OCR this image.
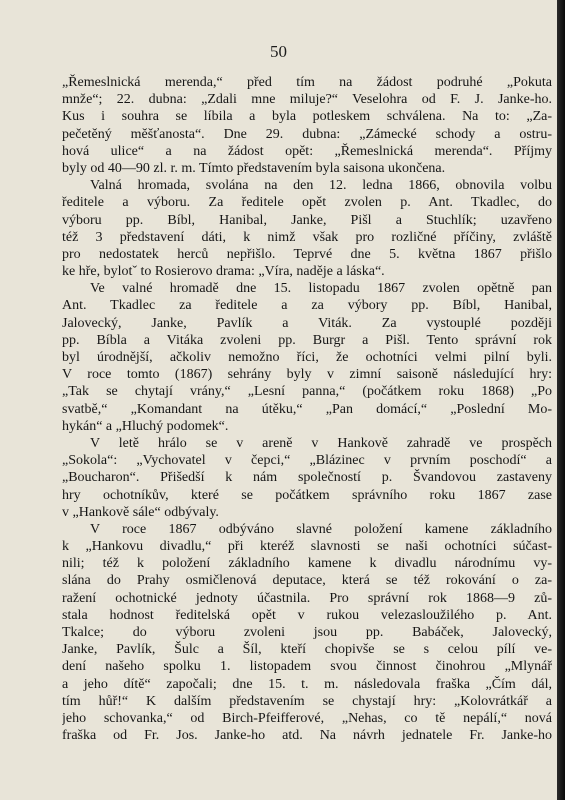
50
„Řemeslnická merenda,“ před tím na žádost podruhé „Pokuta
mnže“; 22. dubna: „Zdali mne miluje?“ Veselohra od F. J. Janke-ho.
Kus i souhra se líbila a byla potleskem schválena. Na to: „Za-
pečetěný měšťanosta“. Dne 29. dubna: „Zámecké schody a ostru-
hová ulice“ a na žádost opět: „Řemeslnická merenda“. Příjmy
byly od 40—90 zl. r. m. Tímto představením byla saisona ukončena.
Valná hromada, svolána na den 12. ledna 1866, obnovila volbu
ředitele a výboru. Za ředitele opět zvolen p. Ant. Tkadlec, do
výboru pp. Bíbl, Hanibal, Janke, Pišl a Stuchlík; uzavřeno
též 3 představení dáti, k nimž však pro rozličné příčiny, zvláště
pro nedostatek herců nepřišlo. Teprvé dne 5. května 1867 přišlo
ke hře, bylotˇ to Rosierovo drama: „Víra, naděje a láska“.
Ve valné hromadě dne 15. listopadu 1867 zvolen opětně pan
Ant. Tkadlec za ředitele a za výbory pp. Bíbl, Hanibal,
Jalovecký, Janke, Pavlík a Viták. Za vystouplé později
pp. Bíbla a Vitáka zvoleni pp. Burgr a Pišl. Tento správní rok
byl úrodnější, ačkoliv nemožno říci, že ochotníci velmi pilní byli.
V roce tomto (1867) sehrány byly v zimní saisoně následující hry:
„Tak se chytají vrány,“ „Lesní panna,“ (počátkem roku 1868) „Po
svatbě,“ „Komandant na útěku,“ „Pan domácí,“ „Poslední Mo-
hykán“ a „Hluchý podomek“.
V letě hrálo se v areně v Hankově zahradě ve prospěch
„Sokola“: „Vychovatel v čepci,“ „Blázinec v prvním poschodí“ a
„Boucharon“. Přišedší k nám společností p. Švandovou zastaveny
hry ochotníkův, které se počátkem správního roku 1867 zase
v „Hankově sále“ odbývaly.
V roce 1867 odbýváno slavné položení kamene základního
k „Hankovu divadlu,“ při kteréž slavnosti se naši ochotníci súčast-
nili; též k položení základního kamene k divadlu národnímu vy-
slána do Prahy osmičlenová deputace, která se též rokování o za-
ražení ochotnické jednoty účastnila. Pro správní rok 1868—9 zů-
stala hodnost ředitelská opět v rukou velezasloužilého p. Ant.
Tkalce; do výboru zvoleni jsou pp. Babáček, Jalovecký,
Janke, Pavlík, Šulc a Šíl, kteří chopivše se s celou pílí ve-
dení našeho spolku 1. listopadem svou činnost činohrou „Mlynář
a jeho dítě“ započali; dne 15. t. m. následovala fraška „Čím dál,
tím hůř!“ K dalším představením se chystají hry: „Kolovrátkář a
jeho schovanka,“ od Birch-Pfeifferové, „Nehas, co tě nepálí,“ nová
fraška od Fr. Jos. Janke-ho atd. Na návrh jednatele Fr. Janke-ho
